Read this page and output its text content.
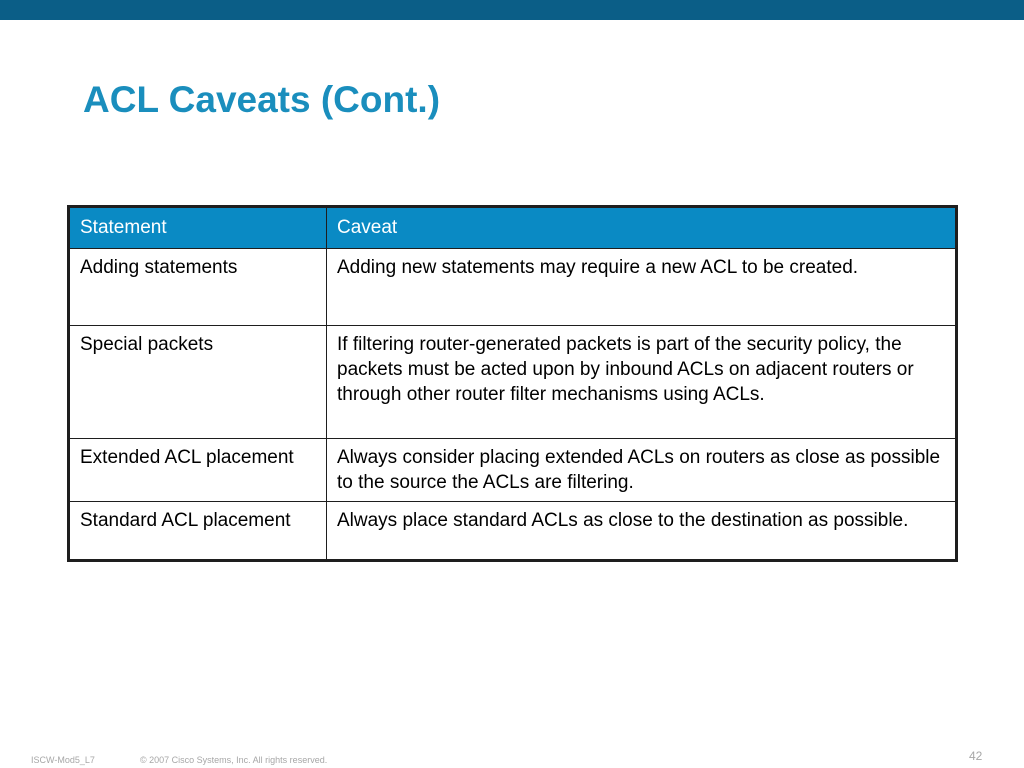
ACL Caveats (Cont.)
Statement	Caveat
Adding statements	Adding new statements may require a new ACL to be created.
Special packets	If filtering router-generated packets is part of the security policy, the packets must be acted upon by inbound ACLs on adjacent routers or through other router filter mechanisms using ACLs.
Extended ACL placement	Always consider placing extended ACLs on routers as close as possible to the source the ACLs are filtering.
Standard ACL placement	Always place standard ACLs as close to the destination as possible.
ISCW-Mod5_L7	© 2007 Cisco Systems, Inc. All rights reserved.	42
